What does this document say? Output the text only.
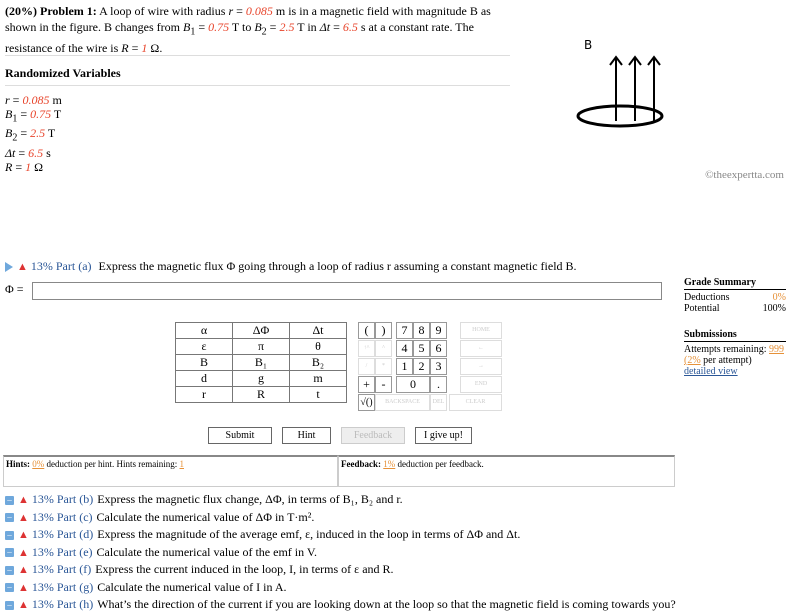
(20%) Problem 1: A loop of wire with radius r = 0.085 m is in a magnetic field with magnitude B as shown in the figure. B changes from $B_1 = 0.75$ T to $B_2 = 2.5$ T in Δt = 6.5 s at a constant rate. The resistance of the wire is R = 1 Ω.
Randomized Variables
r = 0.085 m
$B_1 = 0.75$ T
$B_2 = 2.5$ T
Δt = 6.5 s
R = 1 Ω
B
©theexpertta.com
▲ 13% Part (a) Express the magnetic flux Φ going through a loop of radius r assuming a constant magnetic field B.
Φ =
α	ΔΦ	Δt
ε	π	θ
B	B₁	B₂
d	g	m
r	R	t
(	)	7 8 9	HOME
↑^	^	4 5 6	←
/	*	1 2 3	→
+ -	0	.	END
√()	BACKSPACE	DEL	CLEAR
Submit	Hint	Feedback	I give up!
Hints: 0% deduction per hint. Hints remaining: 1	Feedback: 1% deduction per feedback.
Grade Summary
Deductions	0%
Potential	100%
Submissions
Attempts remaining: 999
(2% per attempt)
detailed view
– ▲ 13% Part (b) Express the magnetic flux change, ΔΦ, in terms of B₁, B₂ and r.
– ▲ 13% Part (c) Calculate the numerical value of ΔΦ in T·m².
– ▲ 13% Part (d) Express the magnitude of the average emf, ε, induced in the loop in terms of ΔΦ and Δt.
– ▲ 13% Part (e) Calculate the numerical value of the emf in V.
– ▲ 13% Part (f) Express the current induced in the loop, I, in terms of ε and R.
– ▲ 13% Part (g) Calculate the numerical value of I in A.
– ▲ 13% Part (h) What’s the direction of the current if you are looking down at the loop so that the magnetic field is coming towards you?
